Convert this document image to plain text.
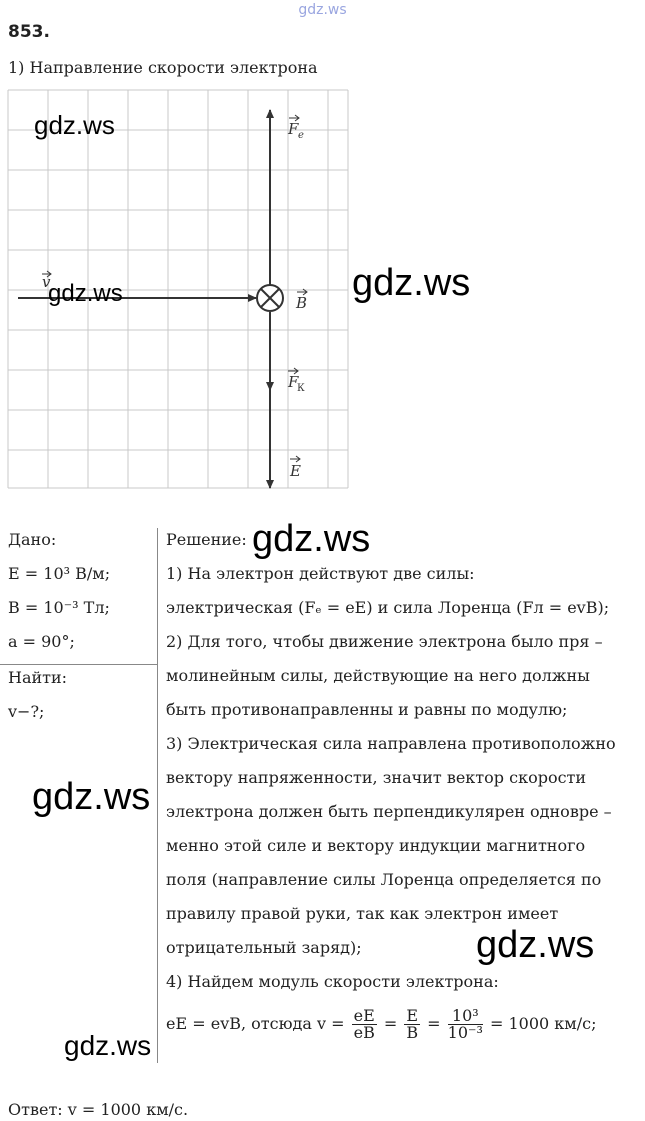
gdz.ws
853.
1) Направление скорости электрона
F e
v
B
F
К
E
gdz.ws
gdz.ws	gdz.ws
gdz.ws
gdz.ws
gdz.ws
gdz.ws
Дано:
E = 10³ В/м;
B = 10⁻³ Тл;
a = 90°;
Найти:
v−?;
Решение:
1) На электрон действуют две силы:
электрическая (Fₑ = eE) и сила Лоренца (Fл = evB);
2) Для того, чтобы движение электрона было пря –
молинейным силы, действующие на него должны
быть противонаправленны и равны по модулю;
3) Электрическая сила направлена противоположно
вектору напряженности, значит вектор скорости
электрона должен быть перпендикулярен одновре –
менно этой силе и вектору индукции магнитного
поля (направление силы Лоренца определяется по
правилу правой руки, так как электрон имеет
отрицательный заряд);
4) Найдем модуль скорости электрона:
eE = evB, отсюда $v = \frac{eE}{eB} = \frac{E}{B} = \frac{\text{10³}}{\text{10⁻³}} = 1000$ км/с;
Ответ: v = 1000 км/с.
